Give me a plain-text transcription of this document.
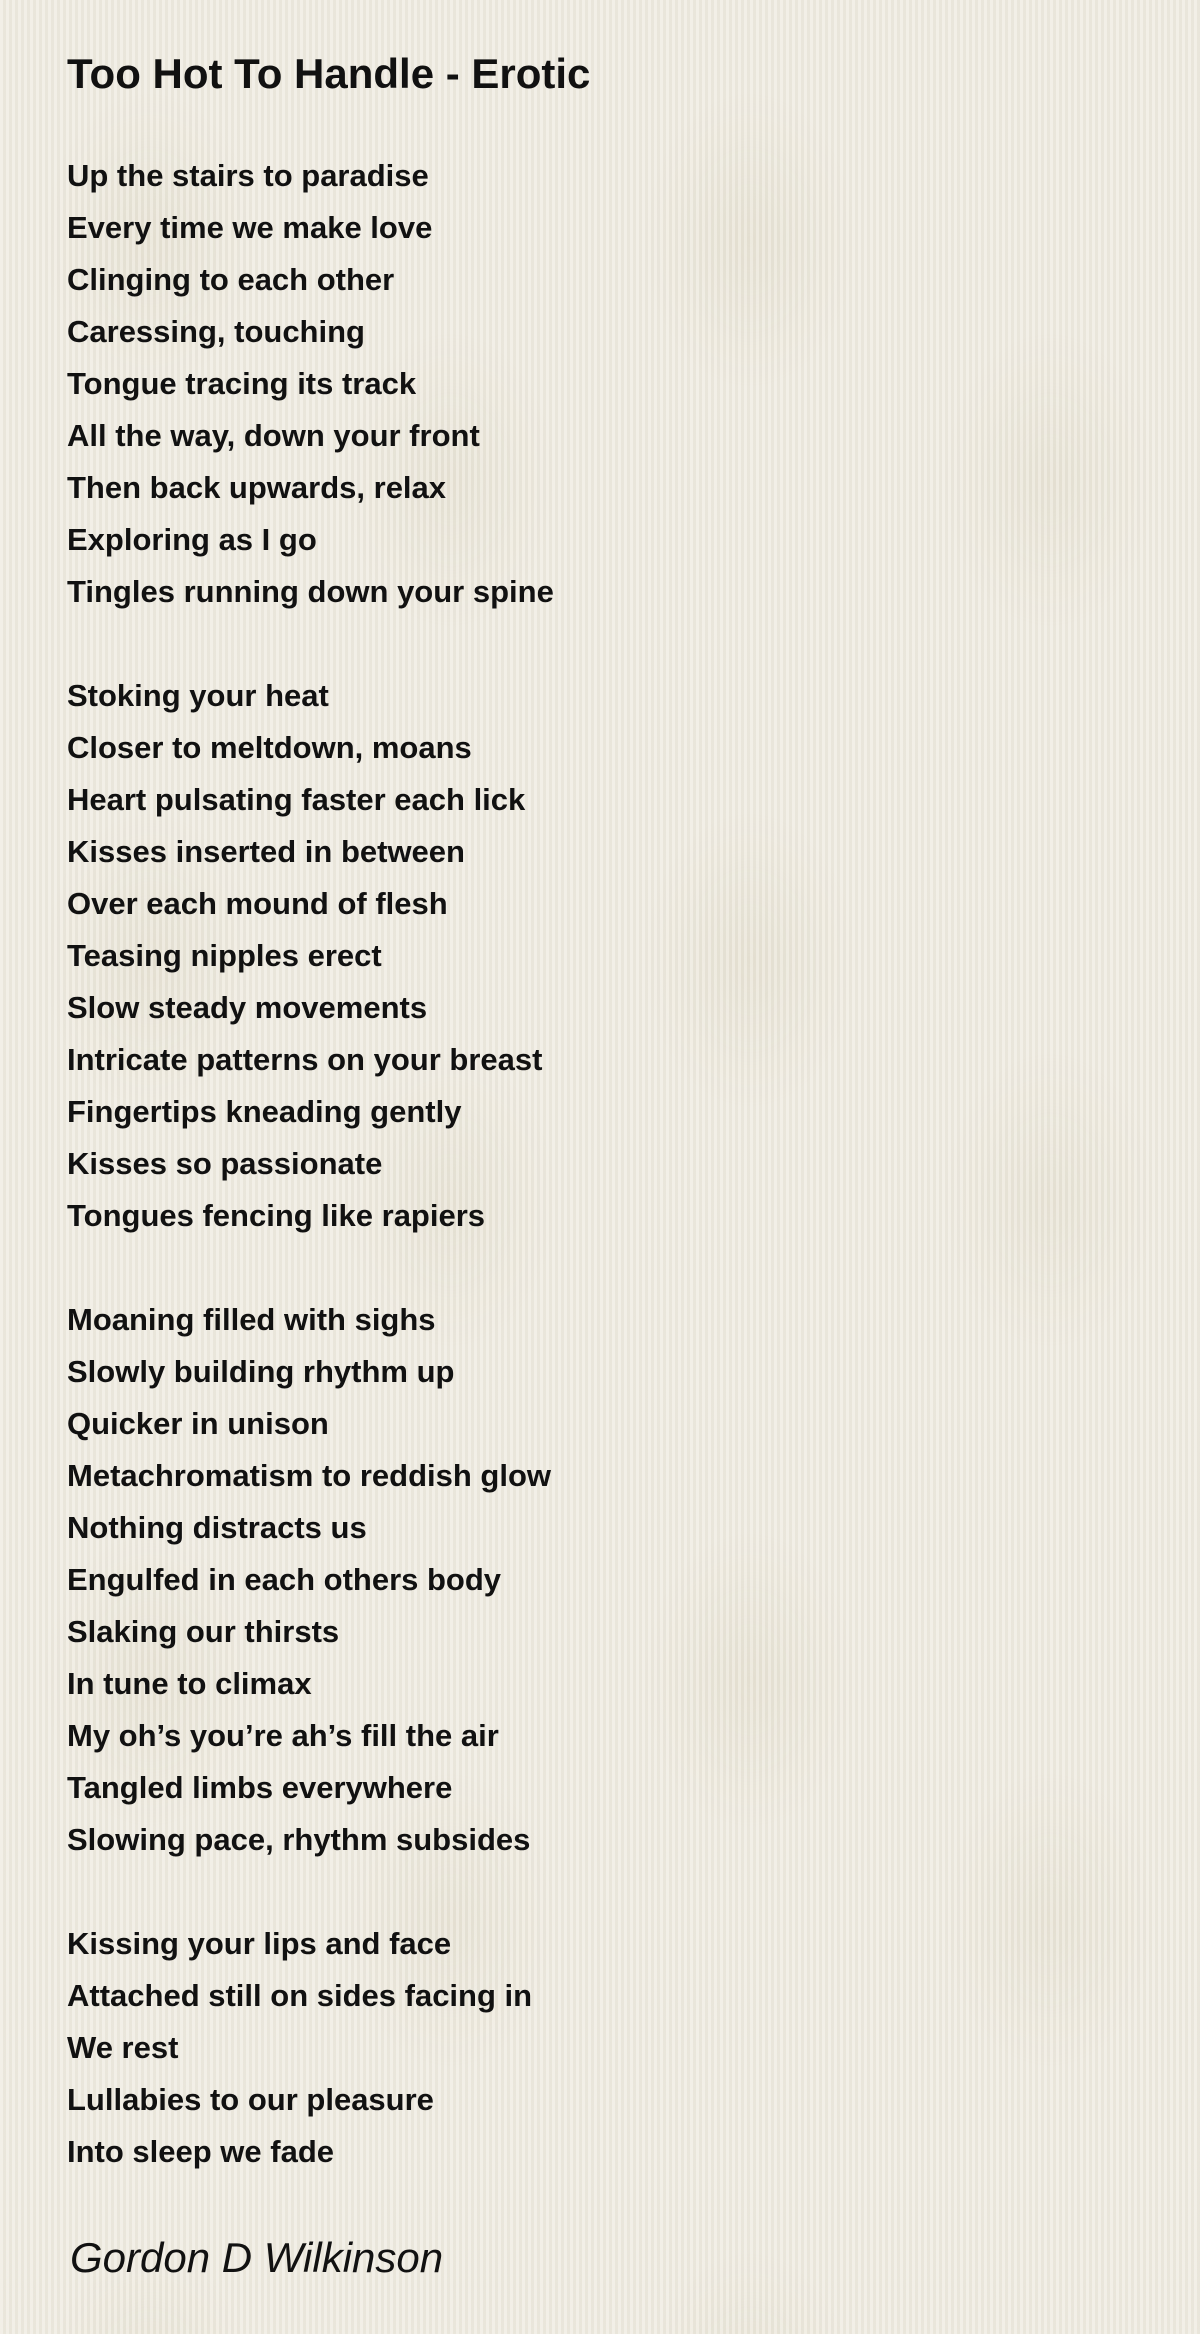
Too Hot To Handle - Erotic
Up the stairs to paradise
Every time we make love
Clinging to each other
Caressing, touching
Tongue tracing its track
All the way, down your front
Then back upwards, relax
Exploring as I go
Tingles running down your spine
Stoking your heat
Closer to meltdown, moans
Heart pulsating faster each lick
Kisses inserted in between
Over each mound of flesh
Teasing nipples erect
Slow steady movements
Intricate patterns on your breast
Fingertips kneading gently
Kisses so passionate
Tongues fencing like rapiers
Moaning filled with sighs
Slowly building rhythm up
Quicker in unison
Metachromatism to reddish glow
Nothing distracts us
Engulfed in each others body
Slaking our thirsts
In tune to climax
My oh’s you’re ah’s fill the air
Tangled limbs everywhere
Slowing pace, rhythm subsides
Kissing your lips and face
Attached still on sides facing in
We rest
Lullabies to our pleasure
Into sleep we fade
Gordon D Wilkinson
